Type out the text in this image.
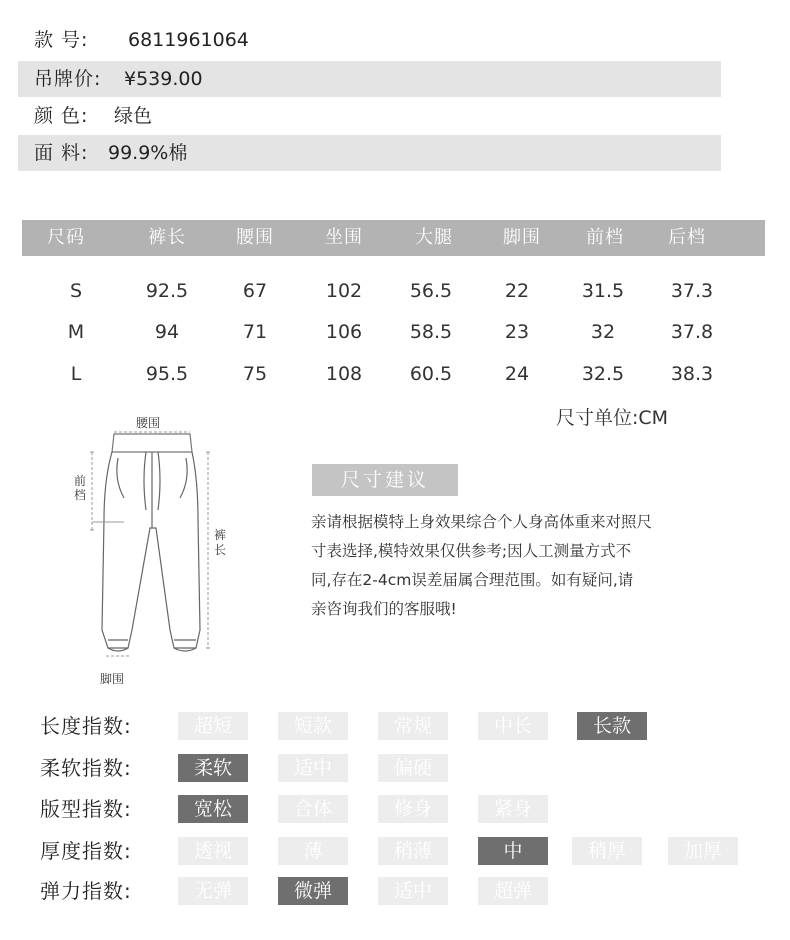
款 号: 6811961064
吊牌价: ¥539.00
颜 色: 绿色
面 料: 99.9%棉
尺码	裤长	腰围	坐围	大腿	脚围	前档	后档
S	92.5	67	102	56.5	22	31.5	37.3
M	94	71	106	58.5	23	32	37.8
L	95.5	75	108	60.5	24	32.5	38.3
尺寸单位:CM
腰围
前
档
裤
长
脚围
尺寸建议
亲请根据模特上身效果综合个人身高体重来对照尺
寸表选择,模特效果仅供参考;因人工测量方式不
同,存在2-4cm误差届属合理范围。如有疑问,请
亲咨询我们的客服哦!
长度指数:	超短	短款	常规	中长	长款
柔软指数:	柔软	适中	偏硬
版型指数:	宽松	合体	修身	紧身
厚度指数:	透视	薄	稍薄	中	稍厚	加厚
弹力指数:	无弹	微弹	适中	超弹
